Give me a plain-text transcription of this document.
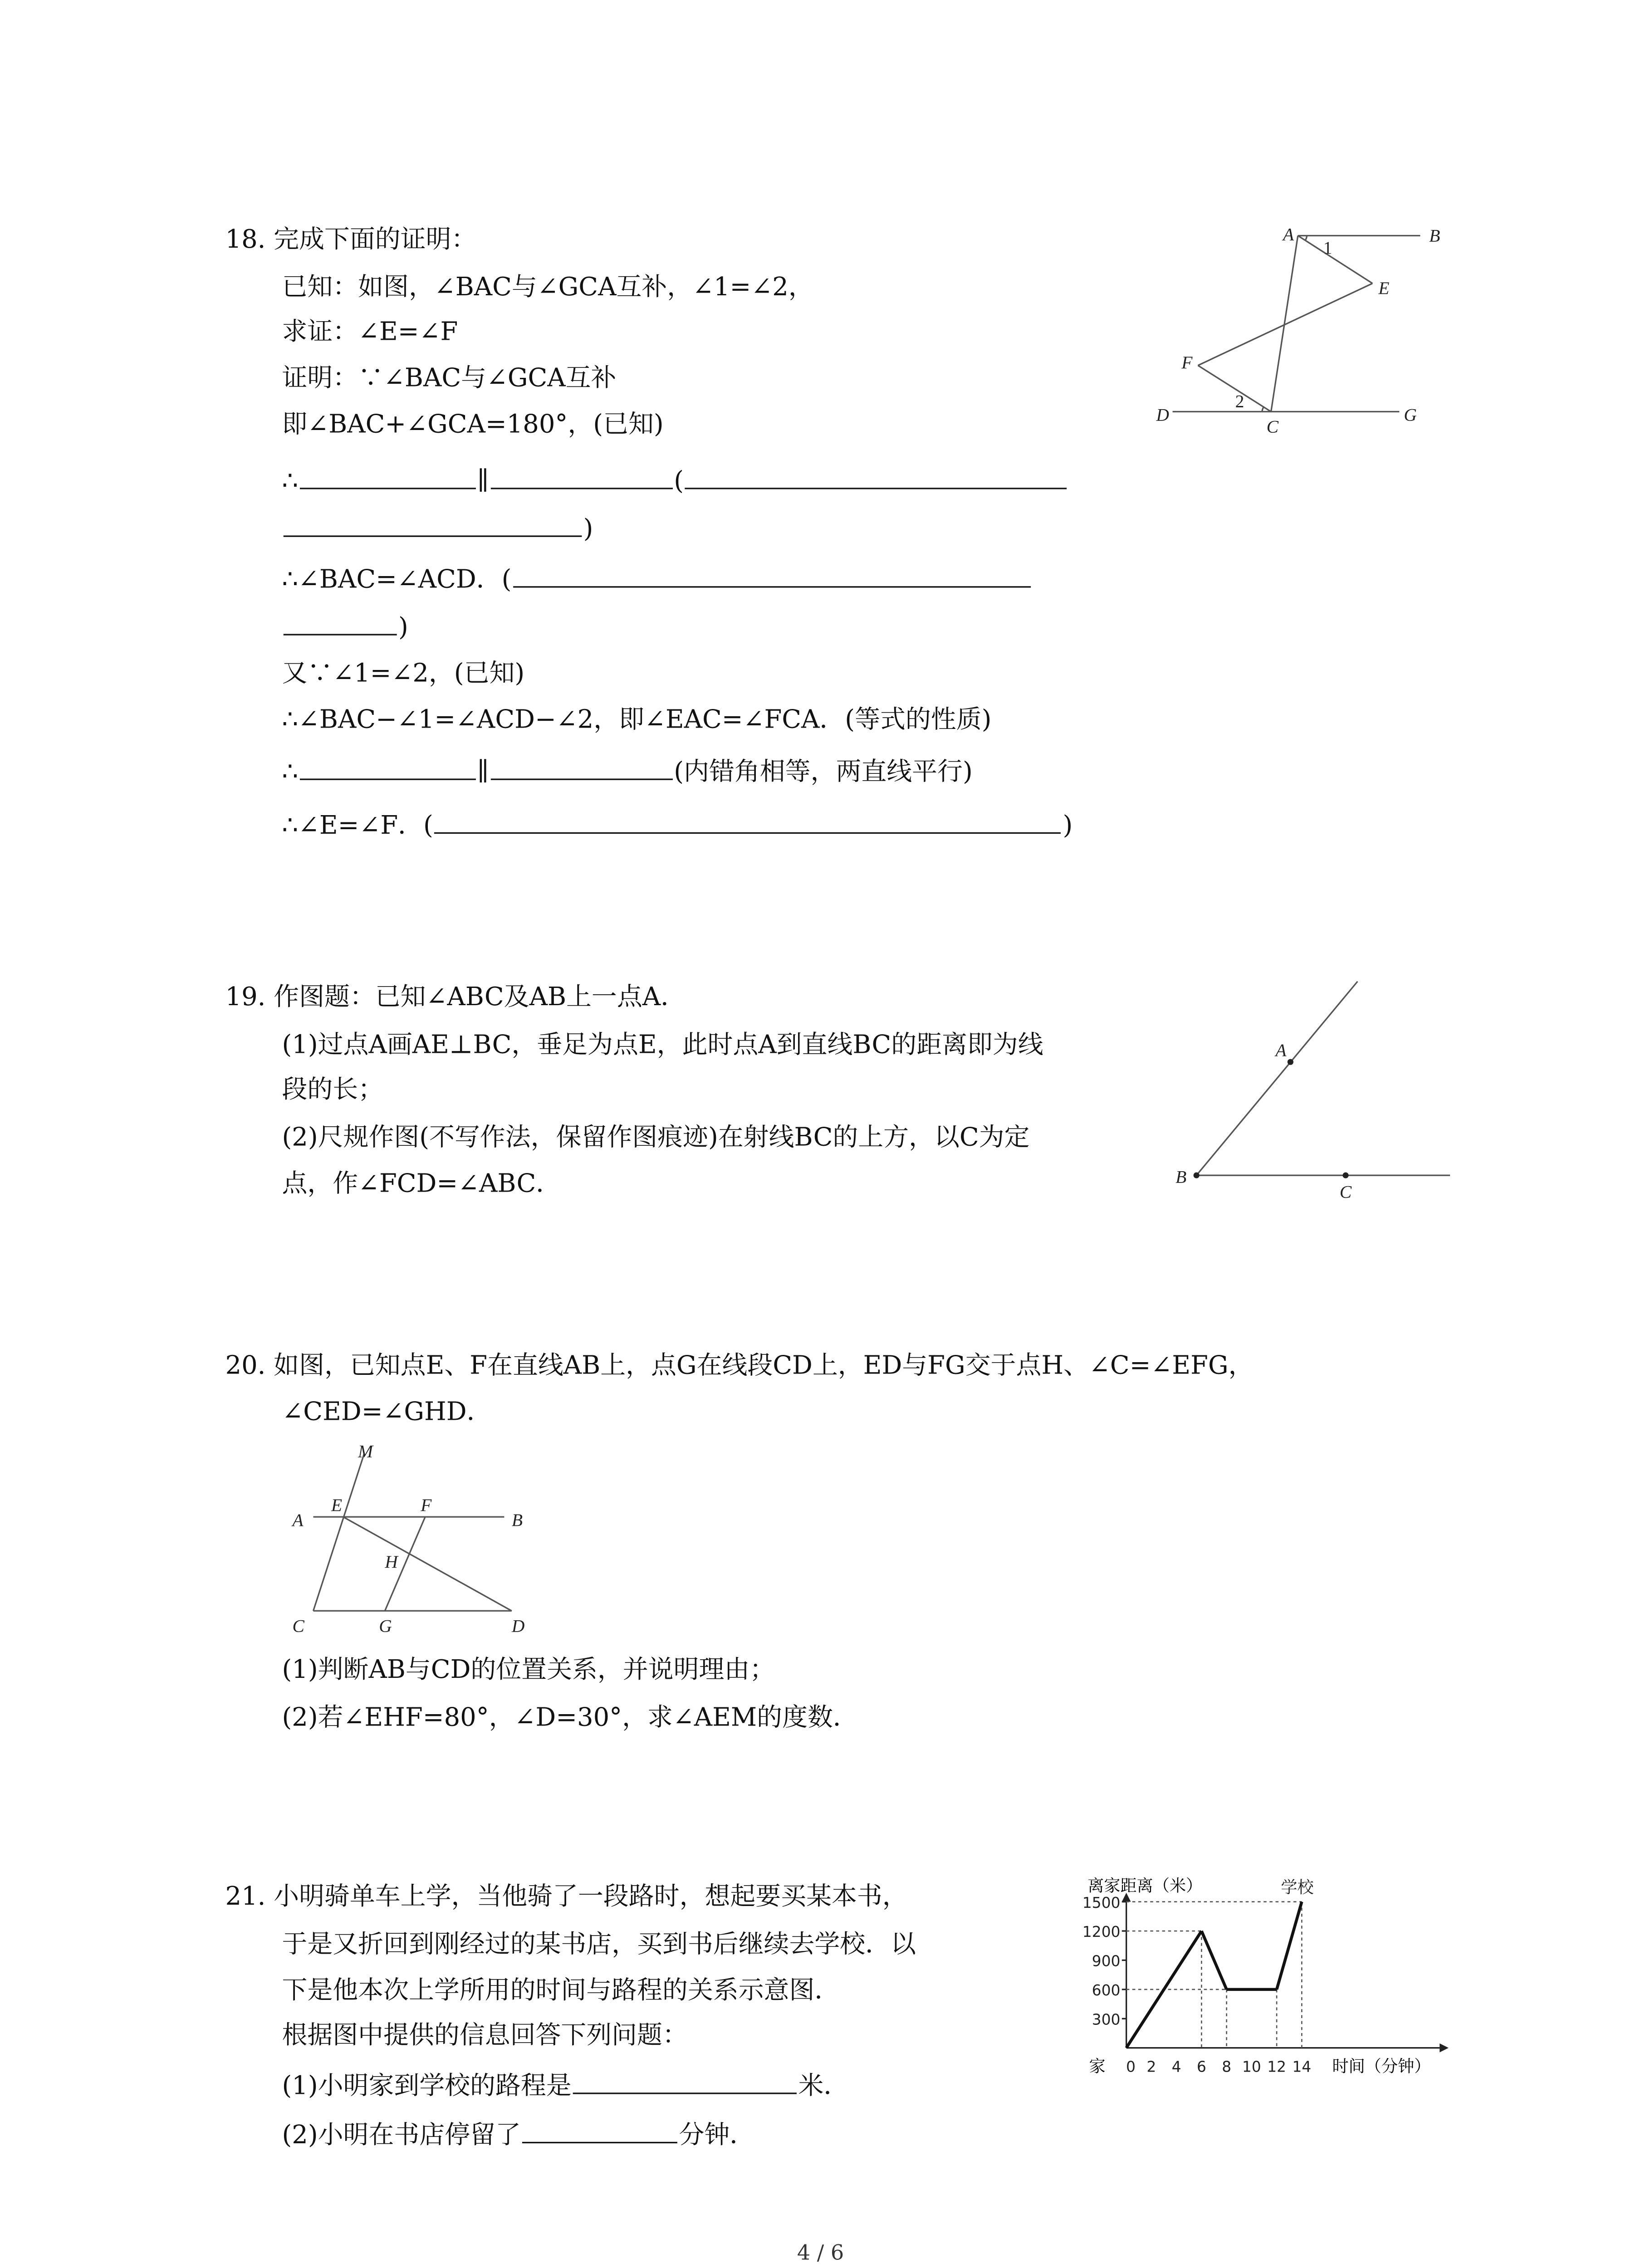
18. 完成下面的证明：
已知：如图，∠BAC与∠GCA互补，∠1=∠2，
求证：∠E=∠F
证明：∵∠BAC与∠GCA互补
即∠BAC+∠GCA=180°，(已知)
∴	∥	(
)
∴∠BAC=∠ACD．(
)
又∵∠1=∠2，(已知)
∴∠BAC−∠1=∠ACD−∠2，即∠EAC=∠FCA．(等式的性质)
∴	∥	(内错角相等，两直线平行)
∴∠E=∠F．(	)
A	B
E
F
D
C
G
1
2
19. 作图题：已知∠ABC及AB上一点A．
(1)过点A画AE⊥BC，垂足为点E，此时点A到直线BC的距离即为线
段的长；
(2)尺规作图(不写作法，保留作图痕迹)在射线BC的上方，以C为定
点，作∠FCD=∠ABC．
A
B
C
20. 如图，已知点E、F在直线AB上，点G在线段CD上，ED与FG交于点H、∠C=∠EFG，
∠CED=∠GHD．
M
A
E	F
B
H
C	G	D
(1)判断AB与CD的位置关系，并说明理由；
(2)若∠EHF=80°，∠D=30°，求∠AEM的度数．
21. 小明骑单车上学，当他骑了一段路时，想起要买某本书，
于是又折回到刚经过的某书店，买到书后继续去学校．以
下是他本次上学所用的时间与路程的关系示意图．
根据图中提供的信息回答下列问题：
(1)小明家到学校的路程是	米．
(2)小明在书店停留了	分钟．
离家距离（米）
时间（分钟）
家
300
600
900
1200
1500
0 2	4	6	8 10 12 14
学校
4 / 6
